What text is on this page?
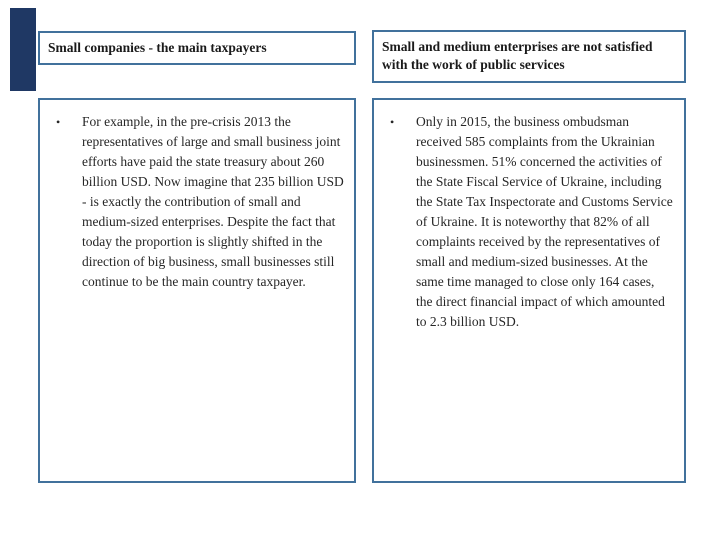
Small companies - the main taxpayers	Small and medium enterprises are not satisfied with the work of public services
•	For example, in the pre-crisis 2013 the representatives of large and small business joint efforts have paid the state treasury about 260 billion USD. Now imagine that 235 billion USD - is exactly the contribution of small and medium-sized enterprises. Despite the fact that today the proportion is slightly shifted in the direction of big business, small businesses still continue to be the main country taxpayer.
•	Only in 2015, the business ombudsman received 585 complaints from the Ukrainian businessmen. 51% concerned the activities of the State Fiscal Service of Ukraine, including the State Tax Inspectorate and Customs Service of Ukraine. It is noteworthy that 82% of all complaints received by the representatives of small and medium-sized businesses. At the same time managed to close only 164 cases, the direct financial impact of which amounted to 2.3 billion USD.
